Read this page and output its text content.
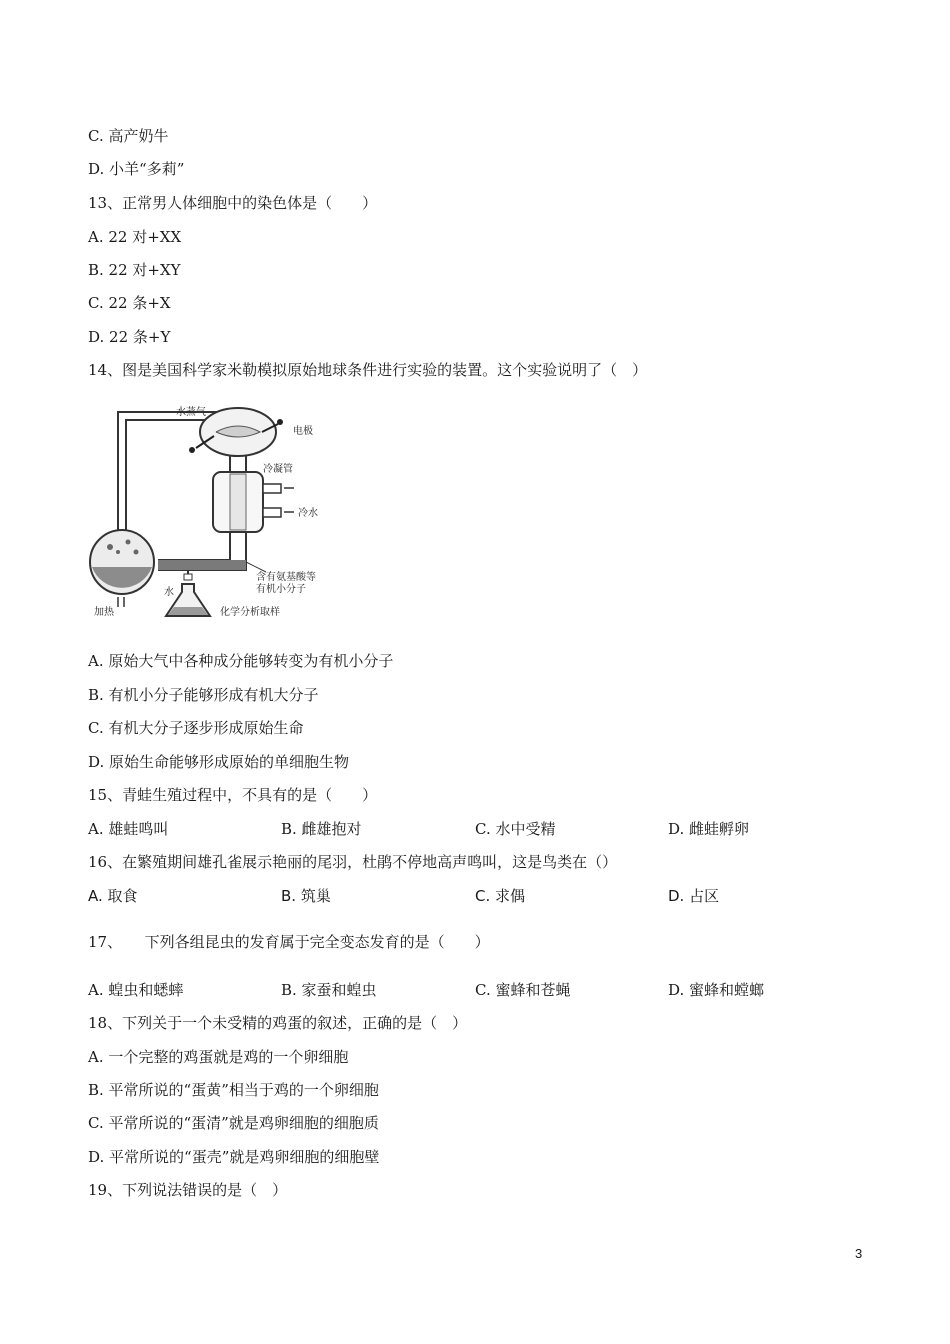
C. 高产奶牛
D. 小羊“多莉”
13、正常男人体细胞中的染色体是（　　）
A. 22 对+XX
B. 22 对+XY
C. 22 条+X
D. 22 条+Y
14、图是美国科学家米勒模拟原始地球条件进行实验的装置。这个实验说明了（　）
水蒸气
电极
冷凝管
冷水
水
加热	化学分析取样
含有氨基酸等
有机小分子
A. 原始大气中各种成分能够转变为有机小分子
B. 有机小分子能够形成有机大分子
C. 有机大分子逐步形成原始生命
D. 原始生命能够形成原始的单细胞生物
15、青蛙生殖过程中，不具有的是（　　）
A. 雄蛙鸣叫	B. 雌雄抱对	C. 水中受精	D. 雌蛙孵卵
16、在繁殖期间雄孔雀展示艳丽的尾羽，杜鹃不停地高声鸣叫，这是鸟类在（）
A. 取食	B. 筑巢	C. 求偶	D. 占区
17、　　下列各组昆虫的发育属于完全变态发育的是（　　）
A. 蝗虫和蟋蟀	B. 家蚕和蝗虫	C. 蜜蜂和苍蝇	D. 蜜蜂和螳螂
18、下列关于一个未受精的鸡蛋的叙述，正确的是（　）
A. 一个完整的鸡蛋就是鸡的一个卵细胞
B. 平常所说的“蛋黄”相当于鸡的一个卵细胞
C. 平常所说的“蛋清”就是鸡卵细胞的细胞质
D. 平常所说的“蛋壳”就是鸡卵细胞的细胞壁
19、下列说法错误的是（　）
3
